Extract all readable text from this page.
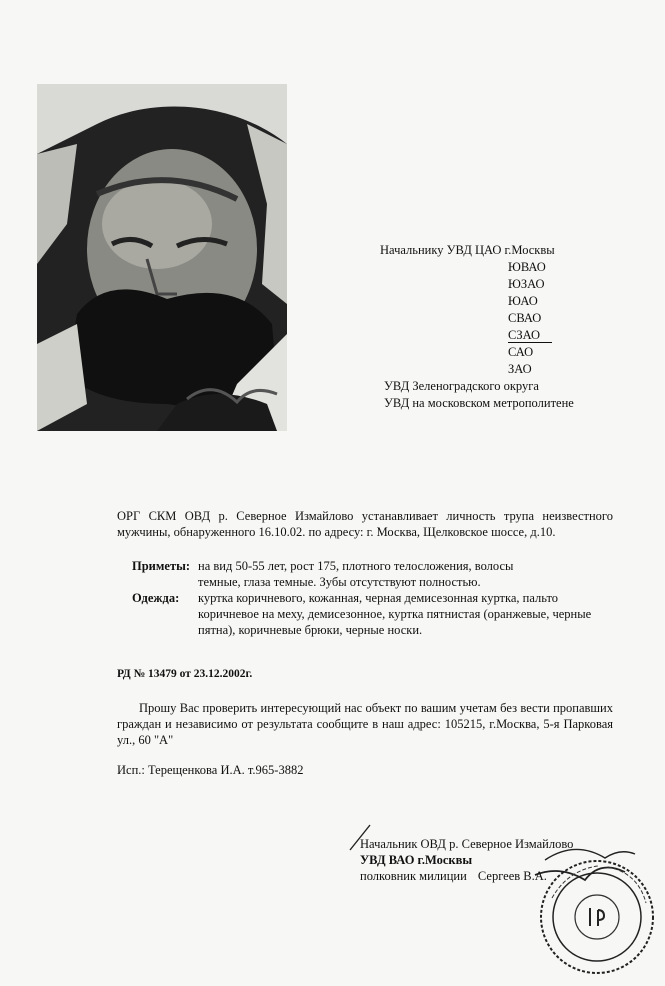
Начальнику УВД ЦАО г.Москвы
ЮВАО
ЮЗАО
ЮАО
СВАО
СЗАО
САО
ЗАО
УВД Зеленоградского округа
УВД на московском метрополитене
ОРГ СКМ ОВД р. Северное Измайлово устанавливает личность трупа неизвестного мужчины, обнаруженного 16.10.02. по адресу: г. Москва, Щелковское шоссе, д.10.
Приметы: на вид 50-55 лет, рост 175, плотного телосложения, волосы темные, глаза темные. Зубы отсутствуют полностью.
Одежда:	куртка коричневого, кожанная, черная демисезонная куртка, пальто коричневое на меху, демисезонное, куртка пятнистая (оранжевые, черные пятна), коричневые брюки, черные носки.
РД № 13479 от 23.12.2002г.
Прошу Вас проверить интересующий нас объект по вашим учетам без вести пропавших граждан и независимо от результата сообщите в наш адрес: 105215, г.Москва, 5-я Парковая ул., 60 "А"
Исп.: Терещенкова И.А. т.965-3882
Начальник ОВД р. Северное Измайлово
УВД ВАО г.Москвы
полковник милиции Сергеев В.А.
